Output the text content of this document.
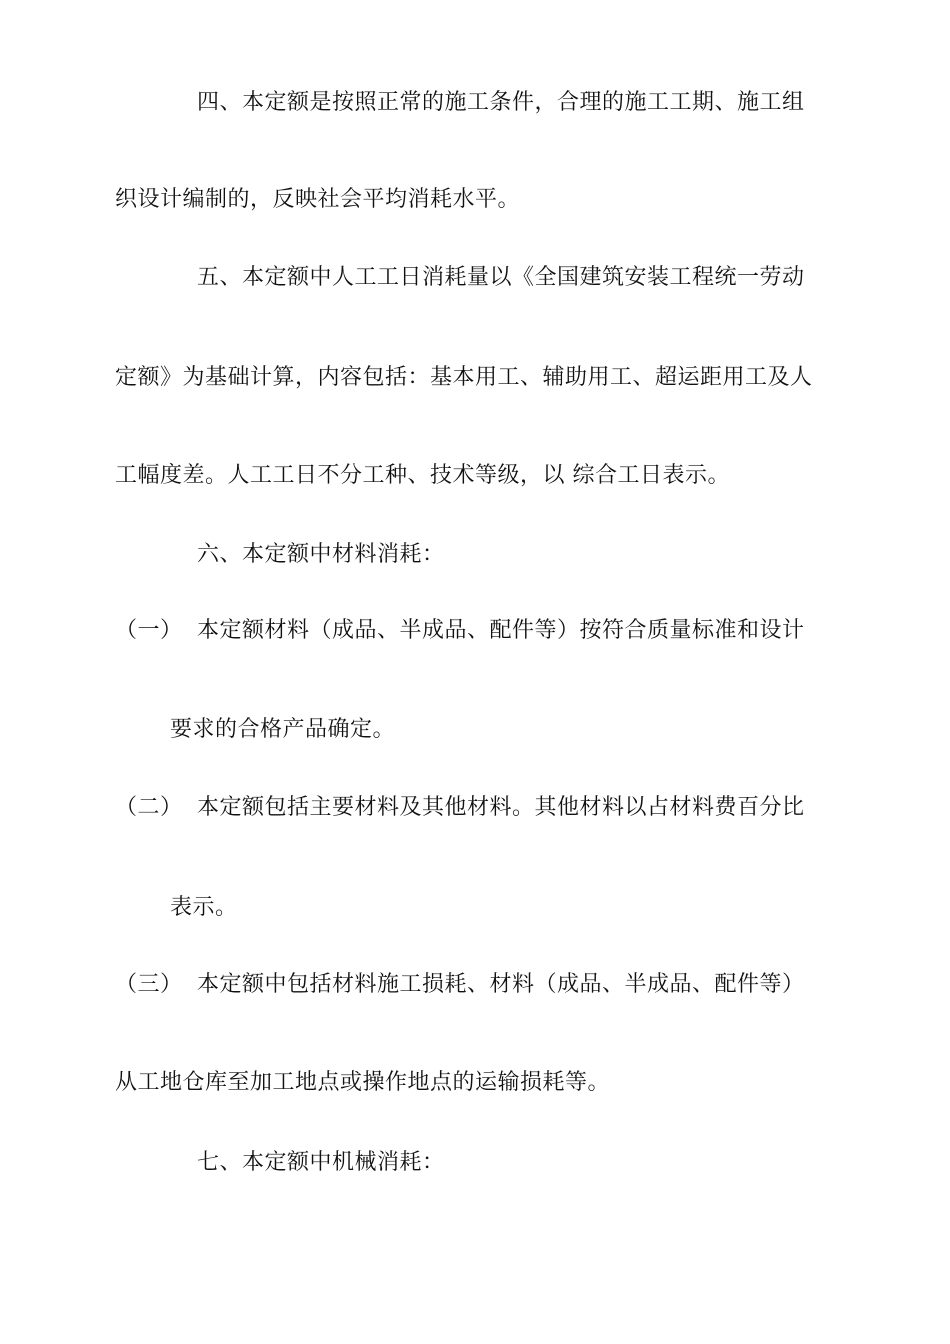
四、本定额是按照正常的施工条件，合理的施工工期、施工组
织设计编制的，反映社会平均消耗水平。
五、本定额中人工工日消耗量以《全国建筑安装工程统一劳动
定额》为基础计算，内容包括：基本用工、辅助用工、超运距用工及人
工幅度差。人工工日不分工种、技术等级，以 综合工日表示。
六、本定额中材料消耗：
（一） 本定额材料（成品、半成品、配件等）按符合质量标准和设计
要求的合格产品确定。
（二） 本定额包括主要材料及其他材料。其他材料以占材料费百分比
表示。
（三） 本定额中包括材料施工损耗、材料（成品、半成品、配件等）
从工地仓库至加工地点或操作地点的运输损耗等。
七、本定额中机械消耗：
